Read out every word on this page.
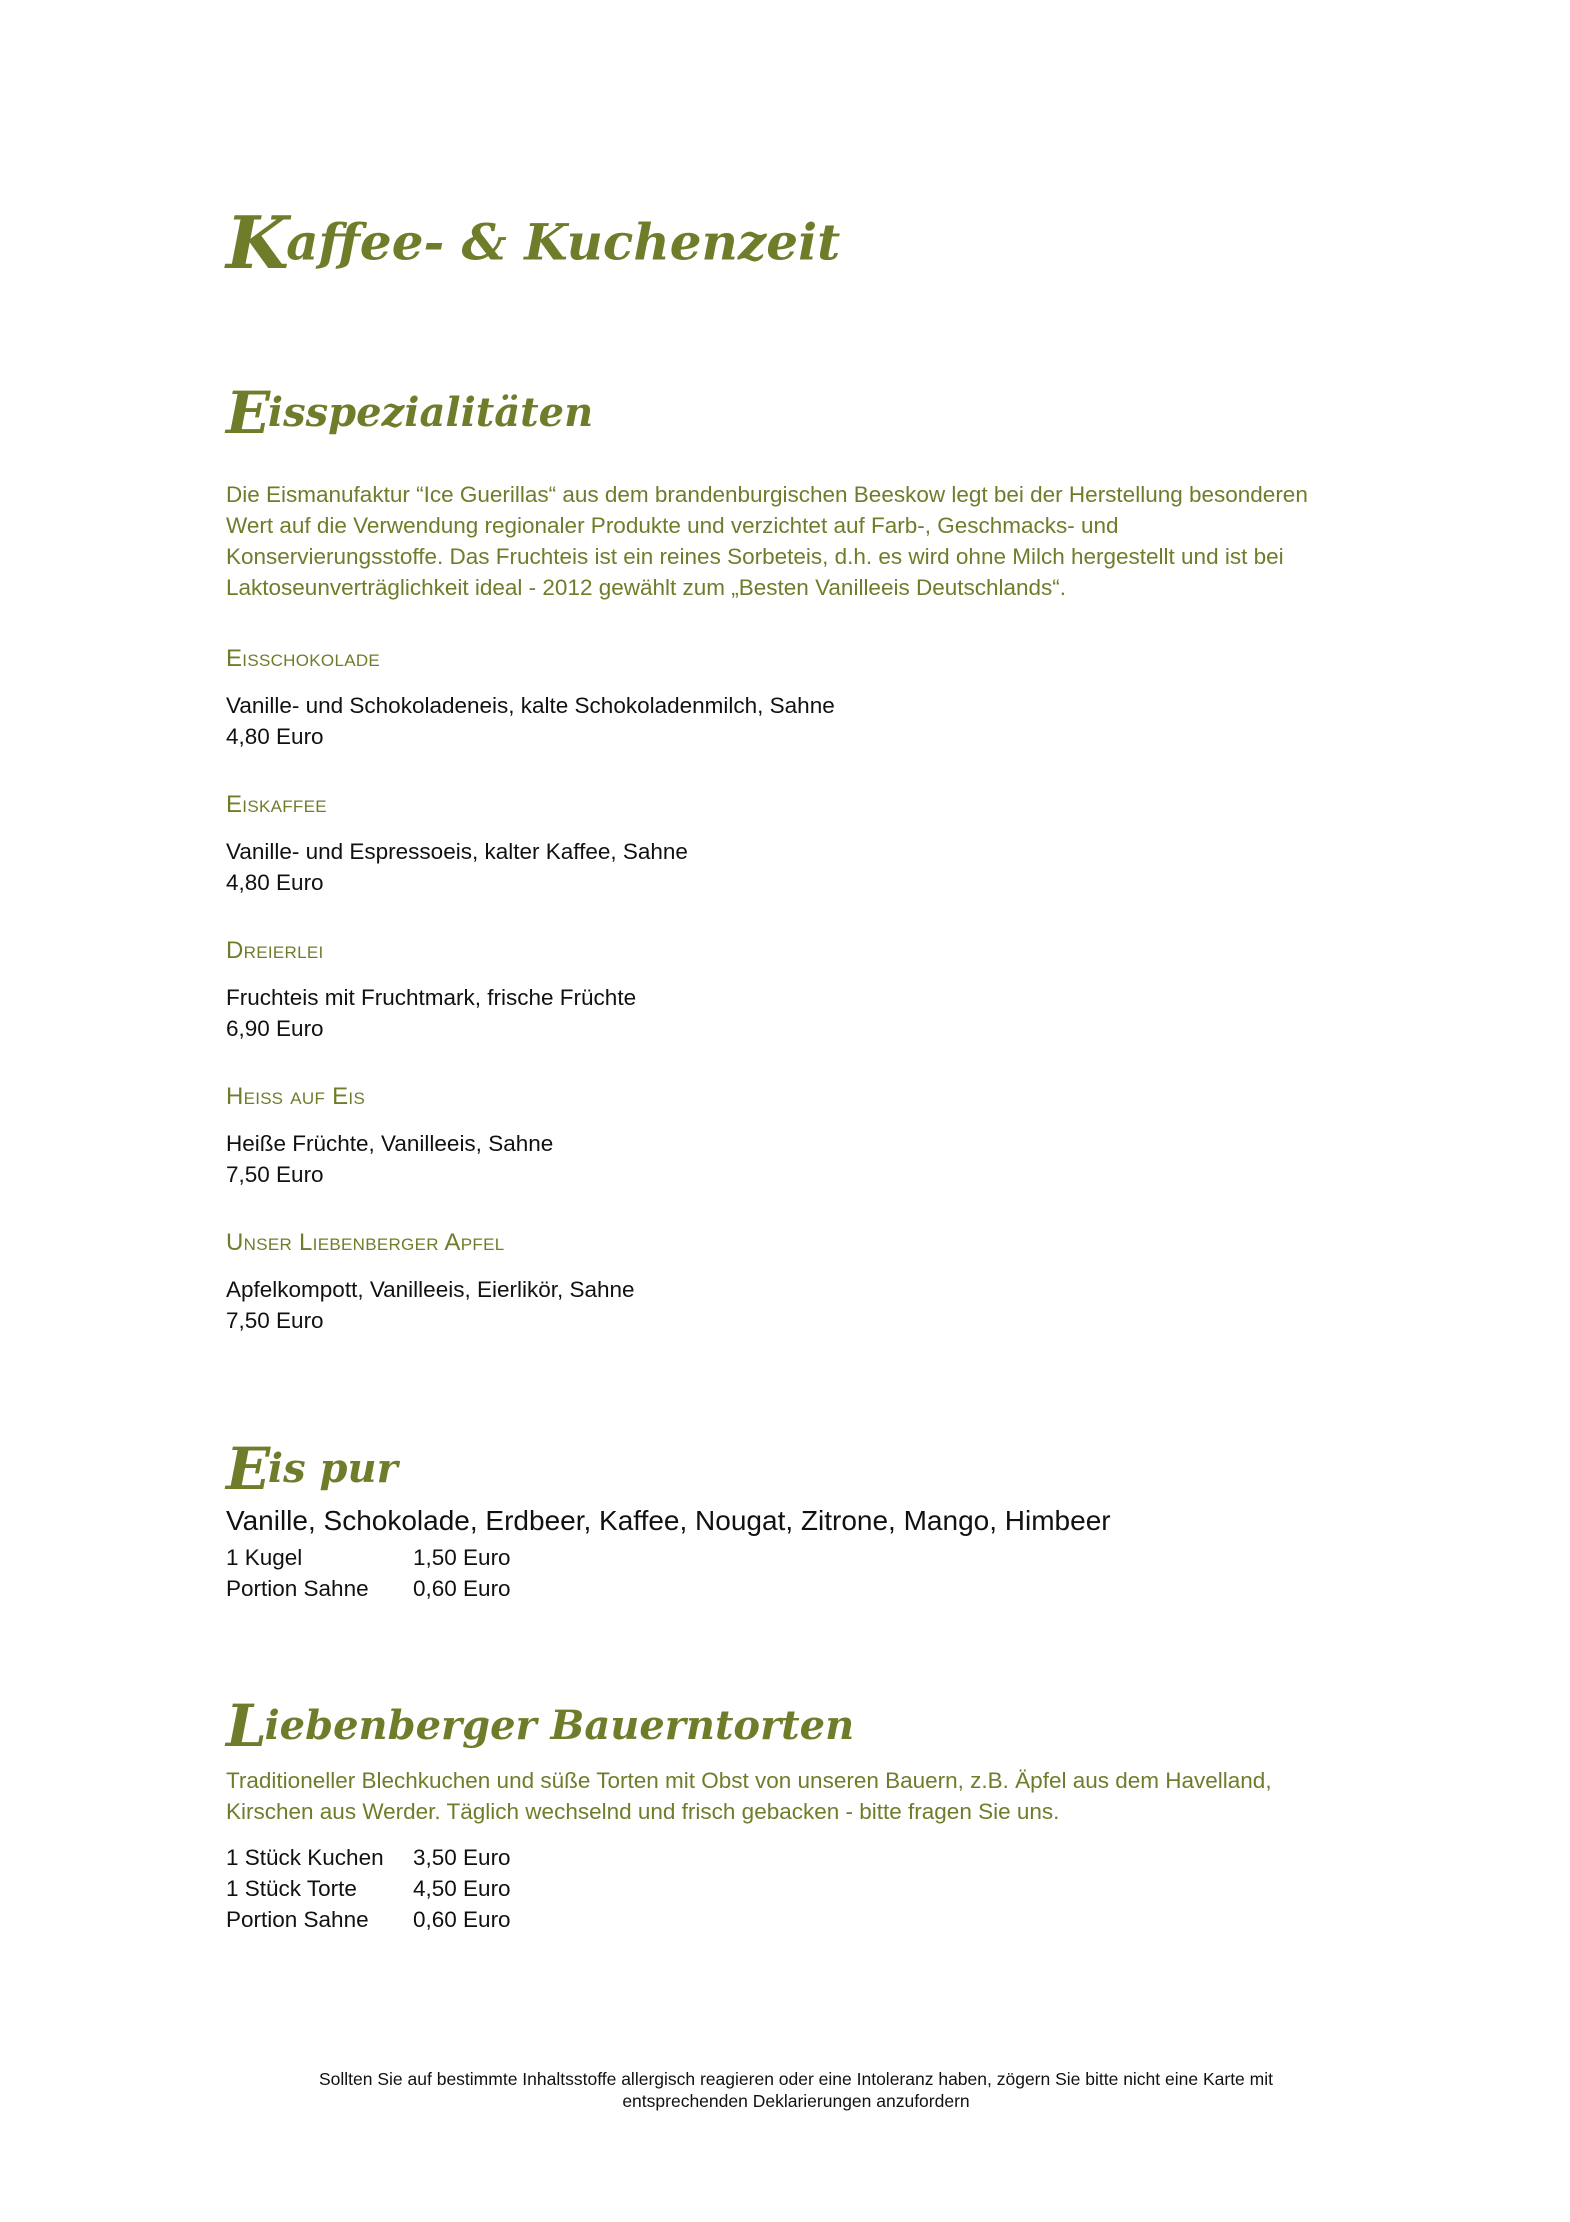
Kaffee- & Kuchenzeit
Eisspezialitäten

Die Eismanufaktur “Ice Guerillas“ aus dem brandenburgischen Beeskow legt bei der Herstellung besonderen Wert auf die Verwendung regionaler Produkte und verzichtet auf Farb-, Geschmacks- und Konservierungsstoffe. Das Fruchteis ist ein reines Sorbeteis, d.h. es wird ohne Milch hergestellt und ist bei Laktoseunverträglichkeit ideal - 2012 gewählt zum „Besten Vanilleeis Deutschlands“.

Eisschokolade

Vanille- und Schokoladeneis, kalte Schokoladenmilch, Sahne

4,80 Euro

Eiskaffee

Vanille- und Espressoeis, kalter Kaffee, Sahne

4,80 Euro

Dreierlei

Fruchteis mit Fruchtmark, frische Früchte

6,90 Euro

Heiß auf Eis

Heiße Früchte, Vanilleeis, Sahne

7,50 Euro

Unser Liebenberger Apfel

Apfelkompott, Vanilleeis, Eierlikör, Sahne

7,50 Euro

Eis pur

Vanille, Schokolade, Erdbeer, Kaffee, Nougat, Zitrone, Mango, Himbeer

1 Kugel	1,50 Euro
Portion Sahne	0,60 Euro
Liebenberger Bauerntorten

Traditioneller Blechkuchen und süße Torten mit Obst von unseren Bauern, z.B. Äpfel aus dem Havelland, Kirschen aus Werder. Täglich wechselnd und frisch gebacken - bitte fragen Sie uns.

1 Stück Kuchen	3,50 Euro
1 Stück Torte	4,50 Euro
Portion Sahne	0,60 Euro
Sollten Sie auf bestimmte Inhaltsstoffe allergisch reagieren oder eine Intoleranz haben, zögern Sie bitte nicht eine Karte mit
entsprechenden Deklarierungen anzufordern
